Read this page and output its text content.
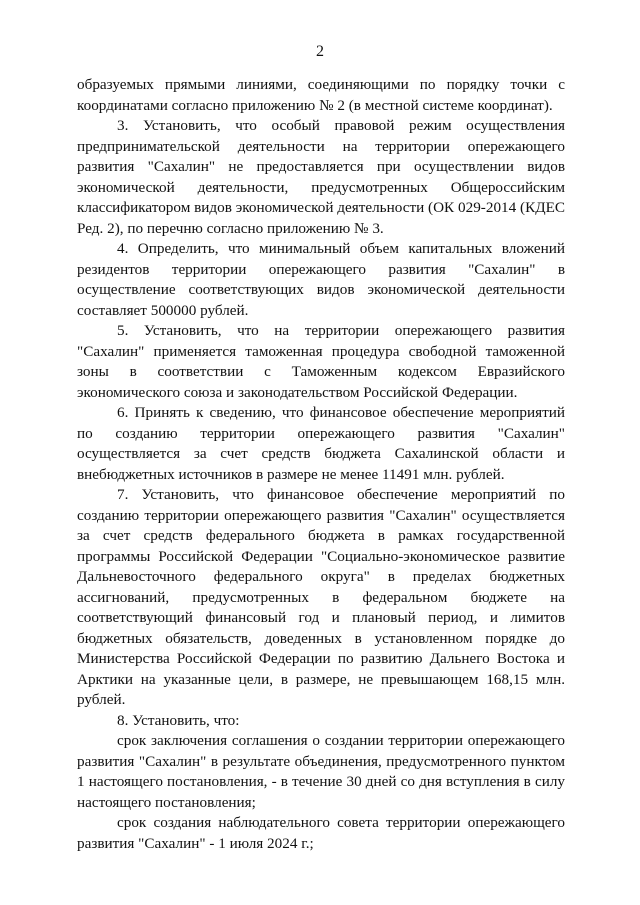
2

образуемых прямыми линиями, соединяющими по порядку точки с координатами согласно приложению № 2 (в местной системе координат).

3. Установить, что особый правовой режим осуществления предпринимательской деятельности на территории опережающего развития "Сахалин" не предоставляется при осуществлении видов экономической деятельности, предусмотренных Общероссийским классификатором видов экономической деятельности (ОК 029-2014 (КДЕС Ред. 2), по перечню согласно приложению № 3.

4. Определить, что минимальный объем капитальных вложений резидентов территории опережающего развития "Сахалин" в осуществление соответствующих видов экономической деятельности составляет 500000 рублей.

5. Установить, что на территории опережающего развития "Сахалин" применяется таможенная процедура свободной таможенной зоны в соответствии с Таможенным кодексом Евразийского экономического союза и законодательством Российской Федерации.

6. Принять к сведению, что финансовое обеспечение мероприятий по созданию территории опережающего развития "Сахалин" осуществляется за счет средств бюджета Сахалинской области и внебюджетных источников в размере не менее 11491 млн. рублей.

7. Установить, что финансовое обеспечение мероприятий по созданию территории опережающего развития "Сахалин" осуществляется за счет средств федерального бюджета в рамках государственной программы Российской Федерации "Социально-экономическое развитие Дальневосточного федерального округа" в пределах бюджетных ассигнований, предусмотренных в федеральном бюджете на соответствующий финансовый год и плановый период, и лимитов бюджетных обязательств, доведенных в установленном порядке до Министерства Российской Федерации по развитию Дальнего Востока и Арктики на указанные цели, в размере, не превышающем 168,15 млн. рублей.

8. Установить, что:

срок заключения соглашения о создании территории опережающего развития "Сахалин" в результате объединения, предусмотренного пунктом 1 настоящего постановления, - в течение 30 дней со дня вступления в силу настоящего постановления;

срок создания наблюдательного совета территории опережающего развития "Сахалин" - 1 июля 2024 г.;
